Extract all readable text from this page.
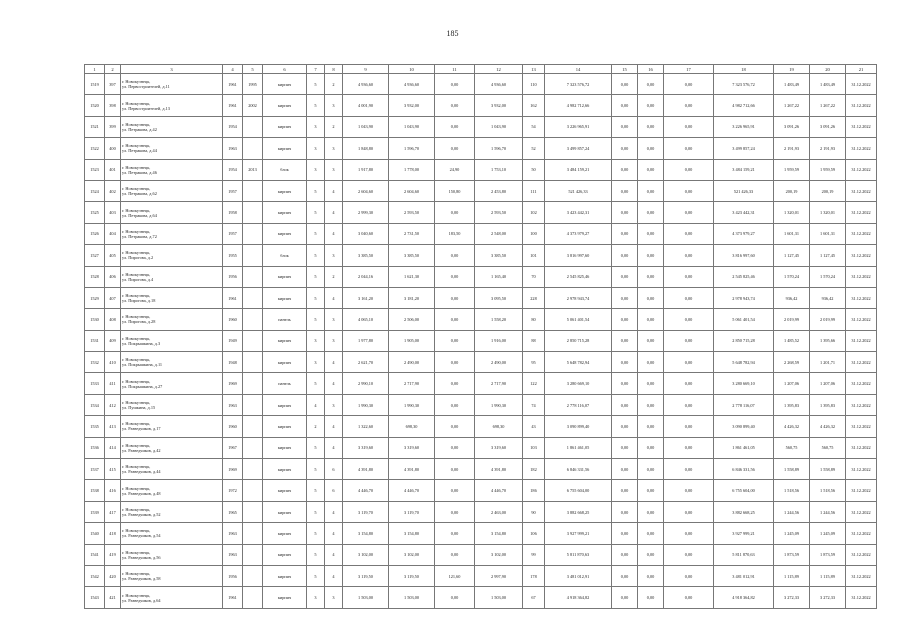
185
1	2	3	4	5	6	7	8	9	10	11	12	13	14	15	16	17	18	19	20	21
1519	397	г. Новокузнецк,
ул. Первостроителей, д.11	1961	1995	кирпич	5	2	4 936,60	4 936,60	0,00	4 936,60	110	7 323 576,72	0,00	0,00	0,00	7 323 576,72	1 483,49	1 483,49	31.12.2022
1520	398	г. Новокузнецк,
ул. Первостроителей, д.13	1961	2002	кирпич	5	3	4 001,90	3 932,00	0,00	3 932,00	162	4 982 712,66	0,00	0,00	0,00	4 982 712,66	1 267,22	1 267,22	31.12.2022
1521	399	г. Новокузнецк,
ул. Петракова, д.42	1954		кирпич	3	2	1 043,90	1 043,90	0,00	1 043,90	54	3 226 965,91	0,00	0,00	0,00	3 226 965,91	3 091,26	3 091,26	31.12.2022
1522	400	г. Новокузнецк,
ул. Петракова, д.44	1963		кирпич	3	3	1 848,80	1 596,70	0,00	1 596,70	52	3 499 857,24	0,00	0,00	0,00	3 499 857,24	2 191,93	2 191,93	31.12.2022
1523	401	г. Новокузнецк,
ул. Петракова, д.46	1954	2013	блок	3	3	1 917,80	1 778,00	24,90	1 753,10	50	3 484 159,21	0,00	0,00	0,00	3 484 159,21	1 959,59	1 959,59	31.12.2022
1524	402	г. Новокузнецк,
ул. Петракова, д.62	1957		кирпич	5	4	2 604,60	2 604,60	150,80	2 453,80	111	521 426,33	0,00	0,00	0,00	521 426,33	200,19	200,19	31.12.2022
1525	403	г. Новокузнецк,
ул. Петракова, д.64	1958		кирпич	5	4	2 999,30	2 593,50	0,00	2 593,50	102	3 423 442,31	0,00	0,00	0,00	3 423 442,31	1 320,01	1 320,01	31.12.2022
1526	404	г. Новокузнецк,
ул. Петракова, д.72	1957		кирпич	5	4	3 040,60	2 731,50	183,50	2 548,00	100	4 373 979,27	0,00	0,00	0,00	4 373 979,27	1 601,31	1 601,31	31.12.2022
1527	405	г. Новокузнецк,
ул. Пирогова, д.2	1955		блок	5	3	3 385,50	3 385,50	0,00	3 385,50	101	3 816 997,60	0,00	0,00	0,00	3 816 997,60	1 127,45	1 127,45	31.12.2022
1528	406	г. Новокузнецк,
ул. Пирогова, д.4	1956		кирпич	5	2	2 044,16	1 621,30	0,00	1 165,40	70	2 545 825,46	0,00	0,00	0,00	2 545 825,46	1 570,24	1 570,24	31.12.2022
1529	407	г. Новокузнецк,
ул. Пирогова, д.18	1961		кирпич	5	4	3 161,20	3 181,20	0,00	3 095,50	228	2 978 943,74	0,00	0,00	0,00	2 978 943,74	936,42	936,42	31.12.2022
1530	408	г. Новокузнецк,
ул. Пирогова, д.28	1960		панель	5	3	4 065,10	2 506,00	0,00	1 558,20	80	5 061 401,54	0,00	0,00	0,00	5 061 401,54	2 019,99	2 019,99	31.12.2022
1531	409	г. Новокузнецк,
ул. Покрышкина, д.3	1949		кирпич	3	3	1 977,80	1 905,00	0,00	1 916,00	88	2 850 715,28	0,00	0,00	0,00	2 850 715,28	1 485,52	1 395,66	31.12.2022
1532	410	г. Новокузнецк,
ул. Покрышкина, д.11	1948		кирпич	3	4	2 621,70	2 490,00	0,00	2 490,00	95	5 648 782,94	0,00	0,00	0,00	5 648 782,94	2 268,59	1 201,71	31.12.2022
1533	411	г. Новокузнецк,
ул. Покрышкина, д.27	1969		панель	5	4	2 990,10	2 717,90	0,00	2 717,90	122	3 280 669,10	0,00	0,00	0,00	3 280 669,10	1 207,06	1 207,06	31.12.2022
1534	412	г. Новокузнецк,
ул. Пушкина, д.15	1963		кирпич	4	3	1 990,30	1 990,30	0,00	1 990,30	74	2 778 116,07	0,00	0,00	0,00	2 778 116,07	1 395,83	1 395,83	31.12.2022
1535	413	г. Новокузнецк,
ул. Разведчиков, д.17	1960		кирпич	2	4	1 322,60	698,30	0,00	698,30	43	3 090 899,40	0,00	0,00	0,00	3 090 899,40	4 426,32	4 426,32	31.12.2022
1536	414	г. Новокузнецк,
ул. Разведчиков, д.42	1967		кирпич	5	4	3 319,60	3 319,60	0,00	3 319,60	103	1 861 461,05	0,00	0,00	0,00	1 861 461,05	560,75	560,75	31.12.2022
1537	415	г. Новокузнецк,
ул. Разведчиков, д.44	1969		кирпич	5	6	4 391,80	4 391,80	0,00	4 391,80	182	6 846 331,56	0,00	0,00	0,00	6 846 331,56	1 558,89	1 558,89	31.12.2022
1538	416	г. Новокузнецк,
ул. Разведчиков, д.48	1972		кирпич	5	6	4 446,70	4 446,70	0,00	4 446,70	186	6 755 604,00	0,00	0,00	0,00	6 755 604,00	1 518,56	1 518,56	31.12.2022
1539	417	г. Новокузнецк,
ул. Разведчиков, д.52	1965		кирпич	5	4	3 119,70	3 119,70	0,00	2 463,00	90	3 882 668,25	0,00	0,00	0,00	3 882 668,25	1 244,56	1 244,56	31.12.2022
1540	418	г. Новокузнецк,
ул. Разведчиков, д.54	1963		кирпич	5	4	3 154,80	3 154,80	0,00	3 154,80	106	3 927 999,21	0,00	0,00	0,00	3 927 999,21	1 245,09	1 245,09	31.12.2022
1541	419	г. Новокузнецк,
ул. Разведчиков, д.56	1963		кирпич	5	4	3 102,00	3 102,00	0,00	3 102,00	99	5 811 870,63	0,00	0,00	0,00	5 811 870,63	1 873,59	1 873,59	31.12.2022
1542	420	г. Новокузнецк,
ул. Разведчиков, д.58	1956		кирпич	5	4	3 119,50	3 119,50	121,60	2 997,90	178	3 481 012,91	0,00	0,00	0,00	3 481 012,91	1 115,89	1 115,89	31.12.2022
1543	421	г. Новокузнецк,
ул. Разведчиков, д.64	1961		кирпич	3	3	1 503,00	1 503,00	0,00	1 503,00	67	4 918 364,82	0,00	0,00	0,00	4 918 364,82	3 272,33	3 272,33	31.12.2022
